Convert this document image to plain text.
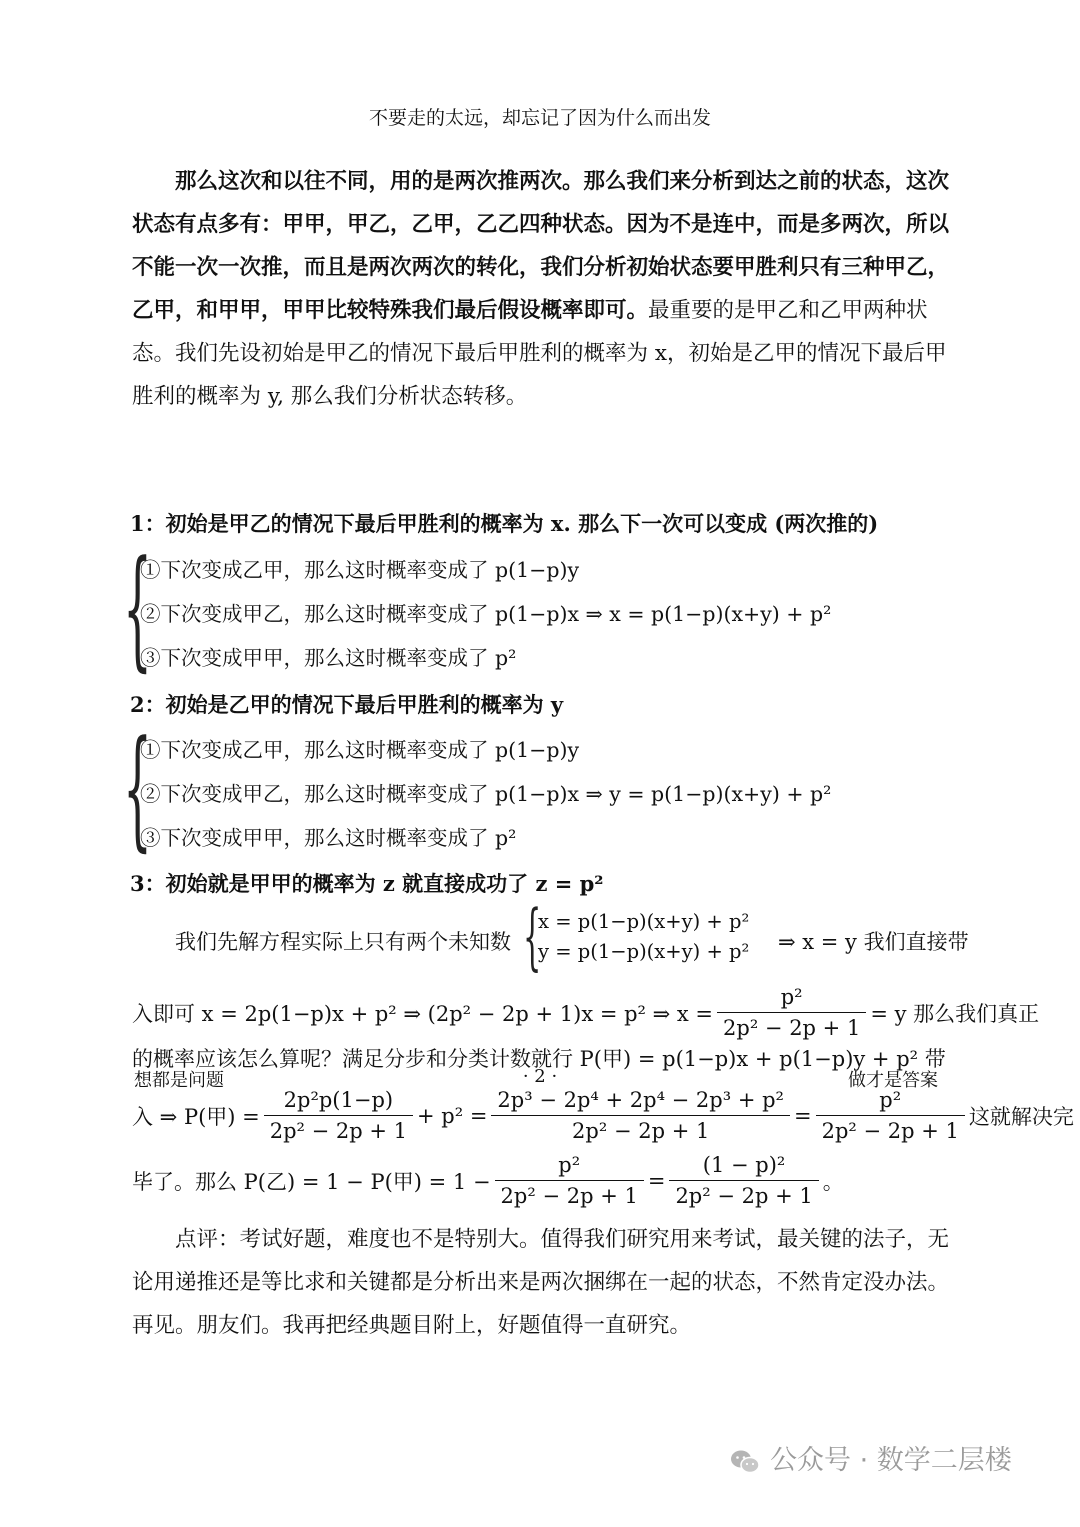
不要走的太远，却忘记了因为什么而出发
那么这次和以往不同，用的是两次推两次。那么我们来分析到达之前的状态，这次状态有点多有：甲甲，甲乙，乙甲，乙乙四种状态。因为不是连中，而是多两次，所以不能一次一次推，而且是两次两次的转化，我们分析初始状态要甲胜利只有三种甲乙，乙甲，和甲甲，甲甲比较特殊我们最后假设概率即可。最重要的是甲乙和乙甲两种状态。我们先设初始是甲乙的情况下最后甲胜利的概率为 x，初始是乙甲的情况下最后甲胜利的概率为 y, 那么我们分析状态转移。
1：初始是甲乙的情况下最后甲胜利的概率为 x. 那么下一次可以变成 (两次推的)
{
①下次变成乙甲，那么这时概率变成了 p(1−p)y
②下次变成甲乙，那么这时概率变成了 p(1−p)x ⇒ x = p(1−p)(x+y) + p²
③下次变成甲甲，那么这时概率变成了 p²
2：初始是乙甲的情况下最后甲胜利的概率为 y
{
①下次变成乙甲，那么这时概率变成了 p(1−p)y
②下次变成甲乙，那么这时概率变成了 p(1−p)x ⇒ y = p(1−p)(x+y) + p²
③下次变成甲甲，那么这时概率变成了 p²
3：初始就是甲甲的概率为 z 就直接成功了 z = p²
我们先解方程实际上只有两个未知数 {
x = p(1−p)(x+y) + p²
y = p(1−p)(x+y) + p² ⇒ x = y 我们直接带
入即可 x = 2p(1−p)x + p² ⇒ (2p² − 2p + 1)x = p² ⇒ $x = \frac{\text{p²}}{\text{2p² − 2p + 1}} = y$ 那么我们真正
的概率应该怎么算呢？满足分步和分类计数就行 P(甲) = p(1−p)x + p(1−p)y + p² 带
入 ⇒ P(甲) = $\frac{\text{2p²p(1−p)}}{\text{2p² − 2p + 1}} + p^2 = \frac{\text{2p³ − 2p⁴ + 2p⁴ − 2p³ + p²}}{\text{2p² − 2p + 1}} = \frac{\text{p²}}{\text{2p² − 2p + 1}}$ 这就解决完
毕了。那么 P(乙) = 1 − P(甲) = $1 - \frac{\text{p²}}{\text{2p² − 2p + 1}} = \frac{\text{(1 − p)²}}{\text{2p² − 2p + 1}}$ 。
点评：考试好题，难度也不是特别大。值得我们研究用来考试，最关键的法子，无论用递推还是等比求和关键都是分析出来是两次捆绑在一起的状态，不然肯定没办法。再见。朋友们。我再把经典题目附上，好题值得一直研究。
想都是问题	· 2 ·	做才是答案
公众号 · 数学二层楼
